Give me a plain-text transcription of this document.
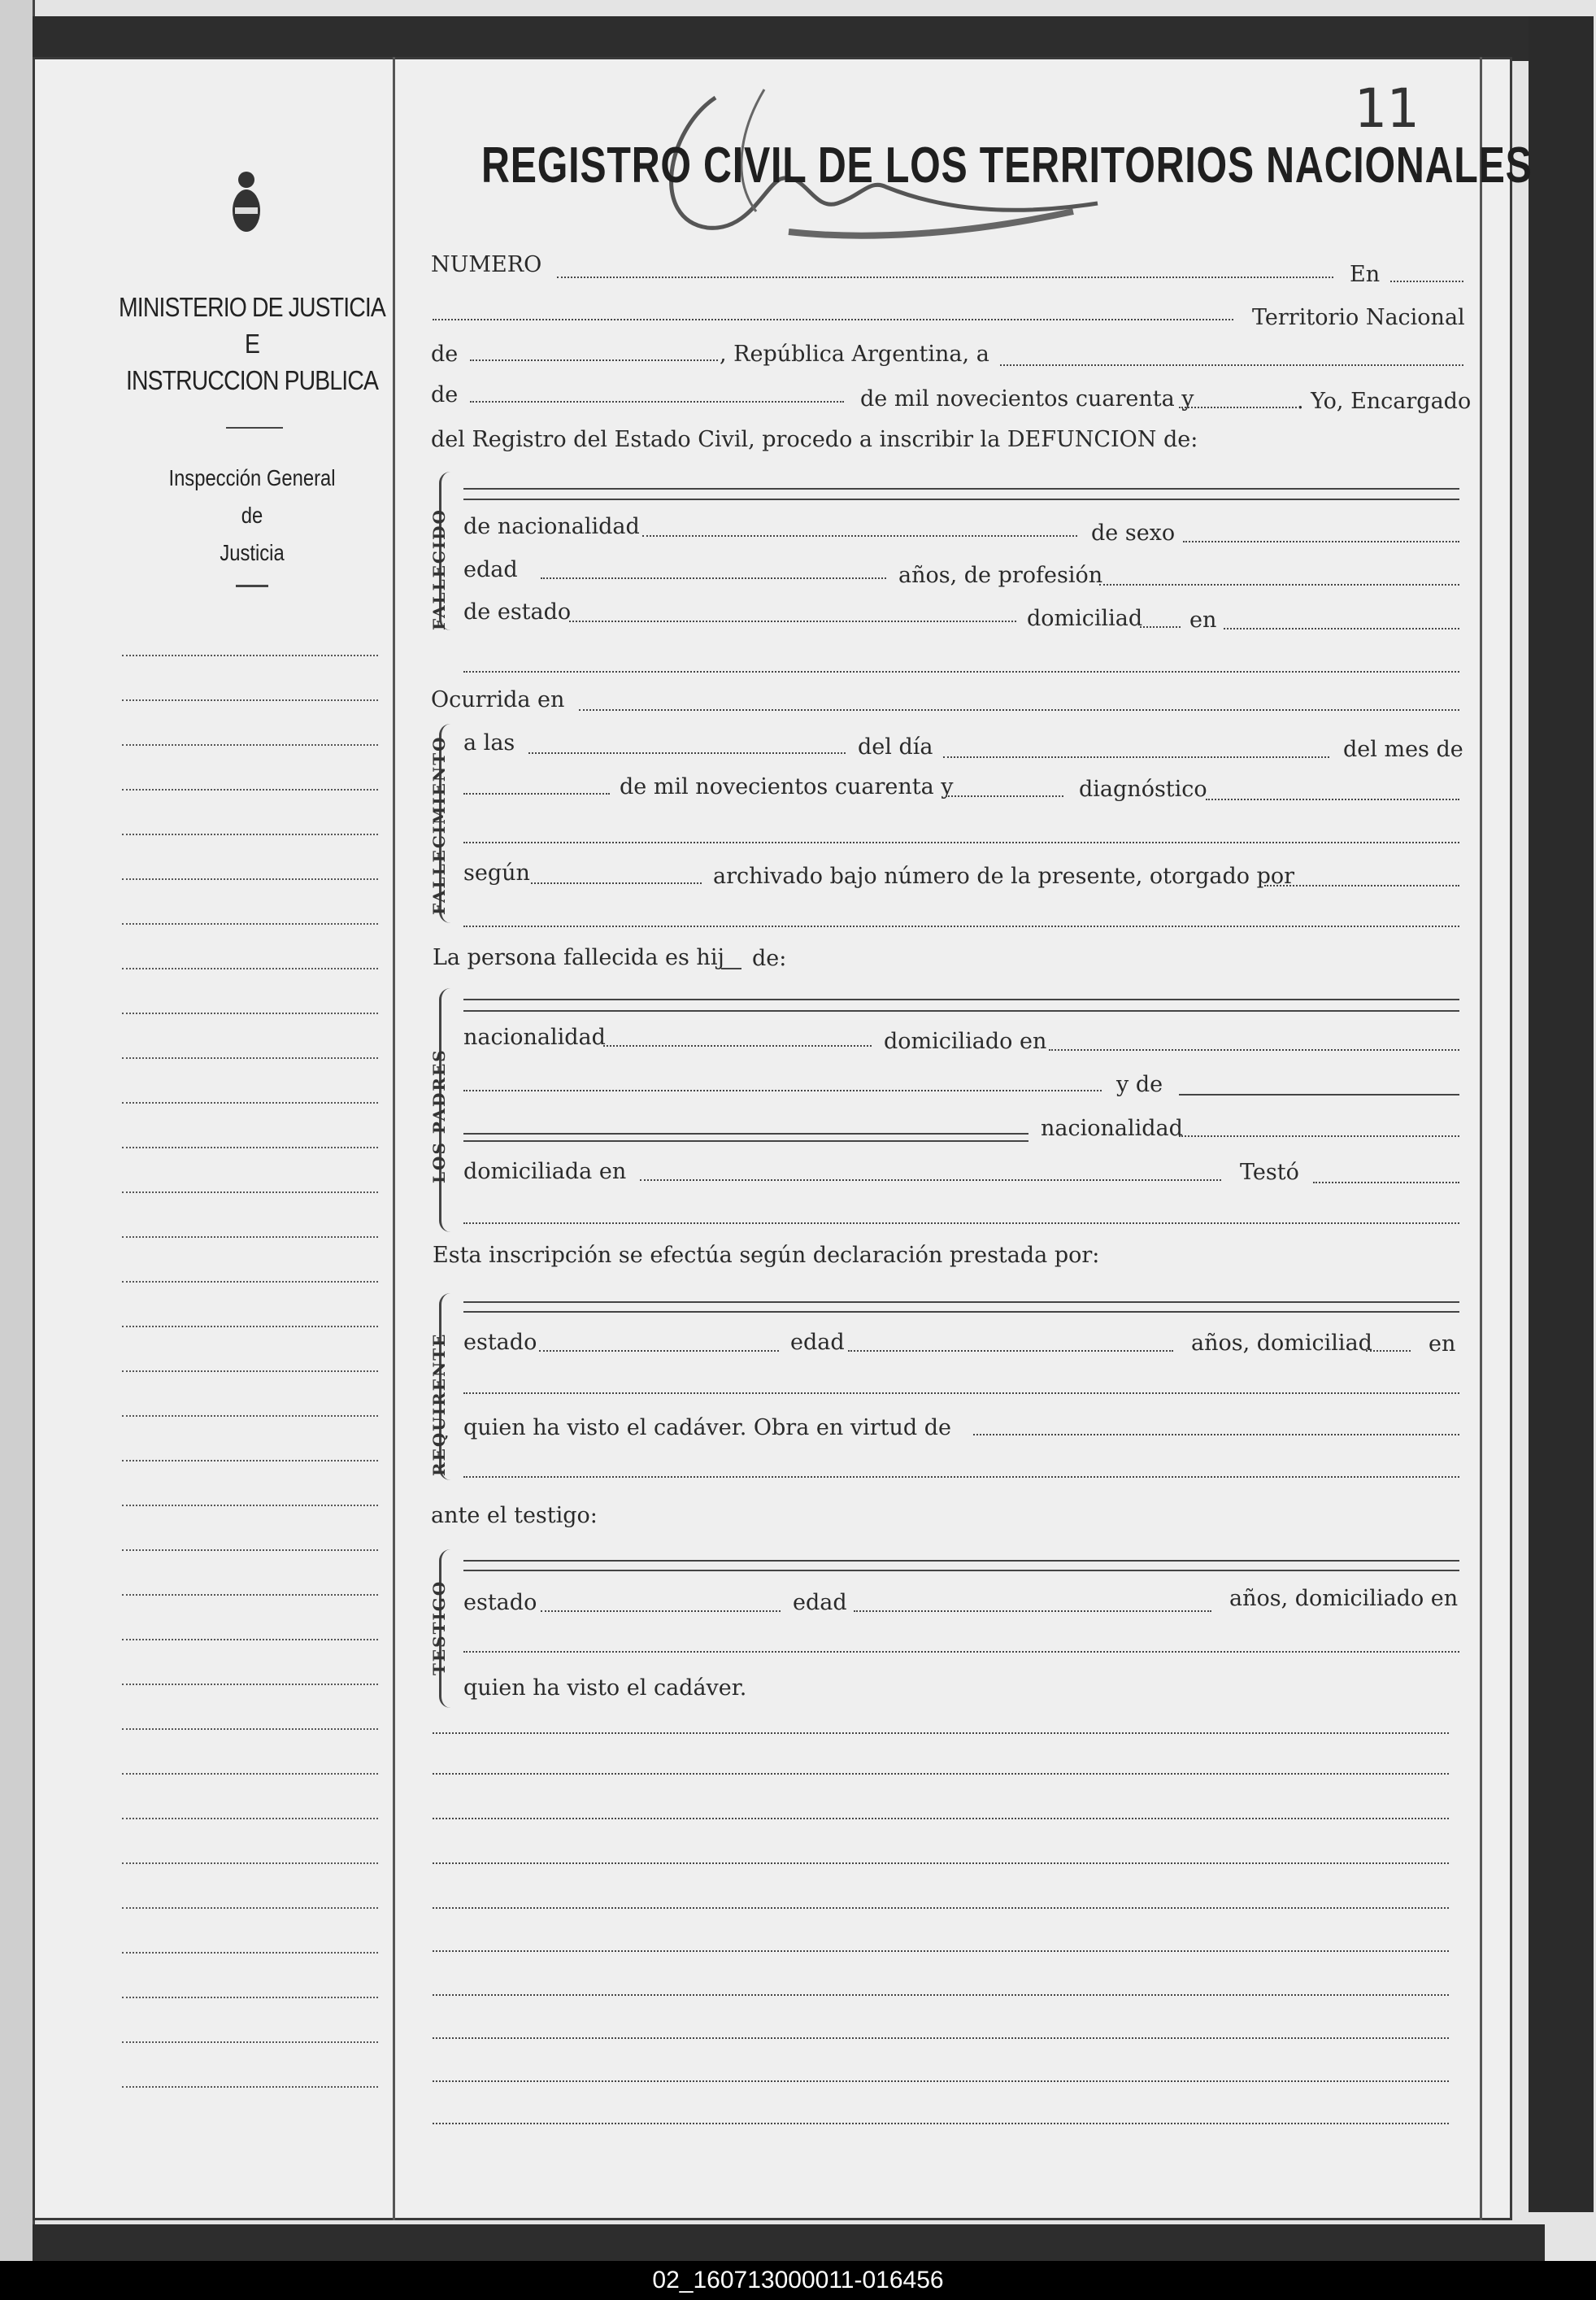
MINISTERIO DE JUSTICIA
E
INSTRUCCION PUBLICA
Inspección General
de
Justicia
11
REGISTRO CIVIL DE LOS TERRITORIOS NACIONALES
NUMERO	En
Territorio Nacional
de	, República Argentina, a
de	de mil novecientos cuarenta y	. Yo, Encargado
del Registro del Estado Civil, procedo a inscribir la DEFUNCION de:
FALLECIDO de nacionalidad	de sexo
edad	años, de profesión
de estado	domiciliad en
Ocurrida en
FALLECIMIENTO a las	del día	del mes de
de mil novecientos cuarenta y	diagnóstico
según	archivado bajo número de la presente, otorgado por
La persona fallecida es hij de:
LOS PADRES
nacionalidad	domiciliado en
y de
nacionalidad
domiciliada en	Testó
Esta inscripción se efectúa según declaración prestada por:
REQUIRENTE estado	edad	años, domiciliad	en
quien ha visto el cadáver. Obra en virtud de
ante el testigo:
TESTIGO estado	edad	años, domiciliado en
quien ha visto el cadáver.
02_160713000011-016456
